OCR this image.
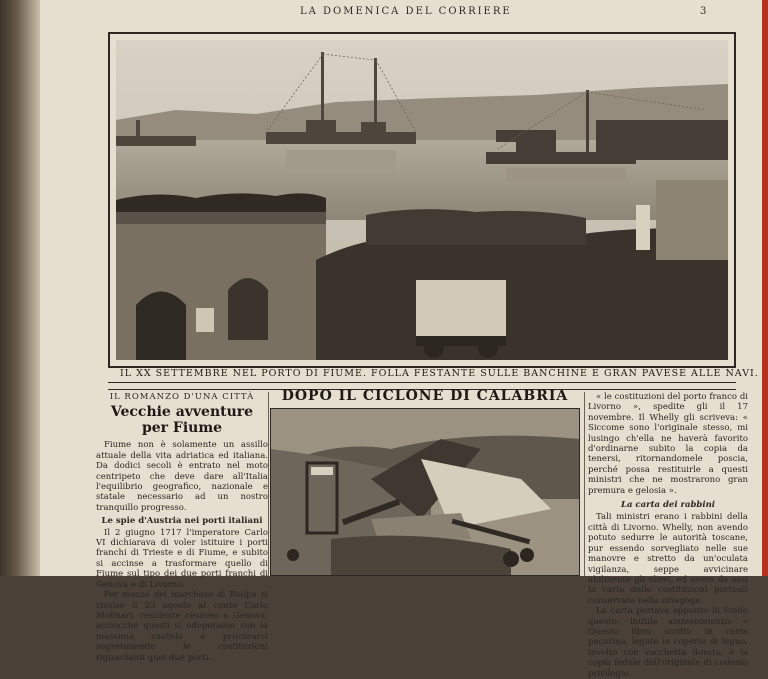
LA DOMENICA DEL CORRIERE	3
IL XX SETTEMBRE NEL PORTO DI FIUME. FOLLA FESTANTE SULLE BANCHINE E GRAN PAVESE ALLE NAVI.
IL ROMANZO D'UNA CITTÀ
Vecchie avventure per Fiume

Fiume non è solamente un assillo attuale della vita adriatica ed italiana. Da dodici secoli è entrato nel moto centripeto che deve dare all'Italia l'equilibrio geografico, nazionale e statale necessario ad un nostro tranquillo progresso.

Le spie d'Austria nei porti italiani

Il 2 giugno 1717 l'imperatore Carlo VI dichiarava di voler istituire i porti franchi di Trieste e di Fiume, e subito si accinse a trasformare quello di Fiume sul tipo dei due porti franchi di Genova e di Livorno.

Per mezzo del marchese di Rialpa si rivolse il 23 agosto al conte Carlo Molinari, residente cesareo a Genova, acciocché questi si adoperasse con la massima cautela a procurarsi segretamente le costituzioni riguardanti quei due porti.

DOPO IL CICLONE DI CALABRIA	« le costituzioni del porto franco di Livorno », spedite gli il 17 novembre. Il Whelly gli scriveva: « Siccome sono l'originale stesso, mi lusingo ch'ella ne haverà favorito d'ordinarne subito la copia da tenersi, ritornandomele poscia, perché possa restituirle a questi ministri che ne mostrarono gran premura e gelosia ».

La carta dei rabbini

Tali ministri erano i rabbini della città di Livorno. Whelly, non avendo potuto sedurre le autorità toscane, pur essendo sorvegliato nelle sue manovre e stretto da un'oculata vigilanza, seppe avvicinare abilmente gli ebrei, ed avere da essi la carta delle costituzioni portuali conservata nella sinagoga.

La carta portava appunto in fondo questo: inutile ammonimento: « Questo libro scritto in carta pecorina, legato in coperto di legno, involto con vacchetta dorata, è la copia fedele dell'originale di codesto privilegio.
